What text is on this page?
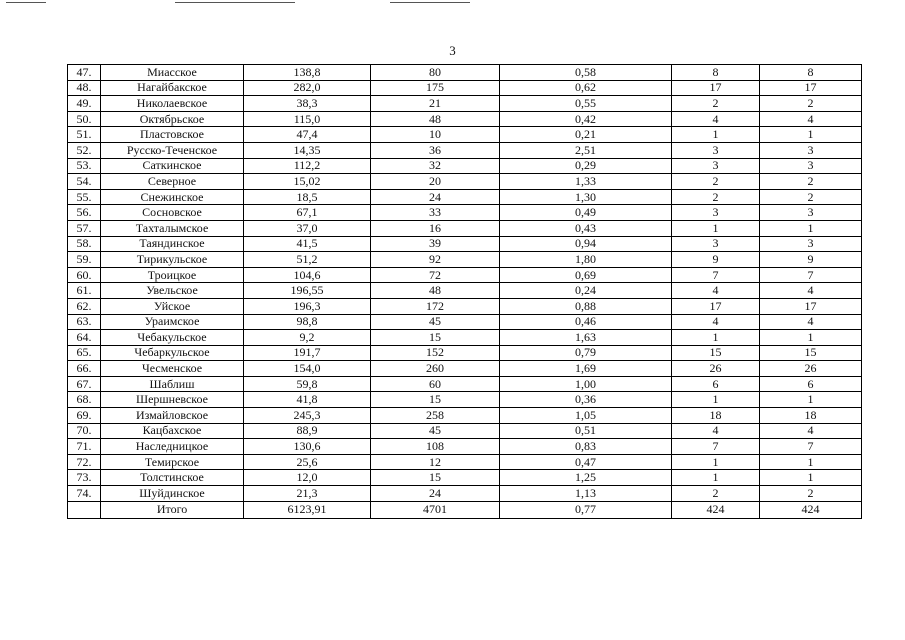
3
47.	Миасское	138,8	80	0,58	8	8
48.	Нагайбакское	282,0	175	0,62	17	17
49.	Николаевское	38,3	21	0,55	2	2
50.	Октябрьское	115,0	48	0,42	4	4
51.	Пластовское	47,4	10	0,21	1	1
52.	Русско-Теченское	14,35	36	2,51	3	3
53.	Саткинское	112,2	32	0,29	3	3
54.	Северное	15,02	20	1,33	2	2
55.	Снежинское	18,5	24	1,30	2	2
56.	Сосновское	67,1	33	0,49	3	3
57.	Тахталымское	37,0	16	0,43	1	1
58.	Таяндинское	41,5	39	0,94	3	3
59.	Тирикульское	51,2	92	1,80	9	9
60.	Троицкое	104,6	72	0,69	7	7
61.	Увельское	196,55	48	0,24	4	4
62.	Уйское	196,3	172	0,88	17	17
63.	Ураимское	98,8	45	0,46	4	4
64.	Чебакульское	9,2	15	1,63	1	1
65.	Чебаркульское	191,7	152	0,79	15	15
66.	Чесменское	154,0	260	1,69	26	26
67.	Шаблиш	59,8	60	1,00	6	6
68.	Шершневское	41,8	15	0,36	1	1
69.	Измайловское	245,3	258	1,05	18	18
70.	Кацбахское	88,9	45	0,51	4	4
71.	Наследницкое	130,6	108	0,83	7	7
72.	Темирское	25,6	12	0,47	1	1
73.	Толстинское	12,0	15	1,25	1	1
74.	Шуйдинское	21,3	24	1,13	2	2
	Итого	6123,91	4701	0,77	424	424
